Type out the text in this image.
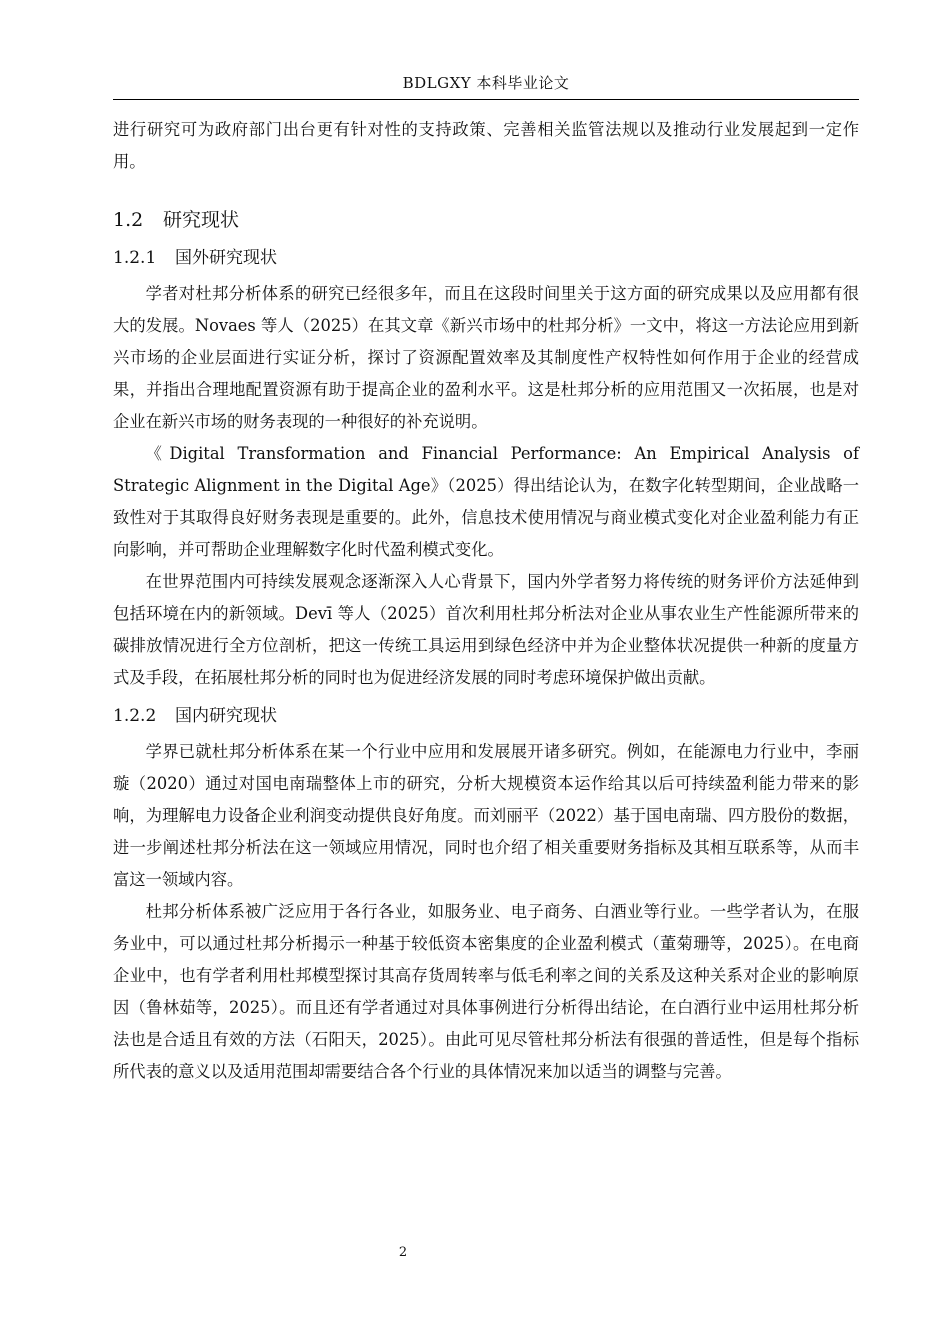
BDLGXY 本科毕业论文

进行研究可为政府部门出台更有针对性的支持政策、完善相关监管法规以及推动行业发展起到一定作用。

1.2 研究现状
1.2.1 国外研究现状

学者对杜邦分析体系的研究已经很多年，而且在这段时间里关于这方面的研究成果以及应用都有很大的发展。Novaes 等人（2025）在其文章《新兴市场中的杜邦分析》一文中，将这一方法论应用到新兴市场的企业层面进行实证分析，探讨了资源配置效率及其制度性产权特性如何作用于企业的经营成果，并指出合理地配置资源有助于提高企业的盈利水平。这是杜邦分析的应用范围又一次拓展，也是对企业在新兴市场的财务表现的一种很好的补充说明。

《Digital Transformation and Financial Performance: An Empirical Analysis of Strategic Alignment in the Digital Age》（2025）得出结论认为，在数字化转型期间，企业战略一致性对于其取得良好财务表现是重要的。此外，信息技术使用情况与商业模式变化对企业盈利能力有正向影响，并可帮助企业理解数字化时代盈利模式变化。

在世界范围内可持续发展观念逐渐深入人心背景下，国内外学者努力将传统的财务评价方法延伸到包括环境在内的新领域。Devī 等人（2025）首次利用杜邦分析法对企业从事农业生产性能源所带来的碳排放情况进行全方位剖析，把这一传统工具运用到绿色经济中并为企业整体状况提供一种新的度量方式及手段，在拓展杜邦分析的同时也为促进经济发展的同时考虑环境保护做出贡献。

1.2.2 国内研究现状

学界已就杜邦分析体系在某一个行业中应用和发展展开诸多研究。例如，在能源电力行业中，李丽璇（2020）通过对国电南瑞整体上市的研究，分析大规模资本运作给其以后可持续盈利能力带来的影响，为理解电力设备企业利润变动提供良好角度。而刘丽平（2022）基于国电南瑞、四方股份的数据，进一步阐述杜邦分析法在这一领域应用情况，同时也介绍了相关重要财务指标及其相互联系等，从而丰富这一领域内容。

杜邦分析体系被广泛应用于各行各业，如服务业、电子商务、白酒业等行业。一些学者认为，在服务业中，可以通过杜邦分析揭示一种基于较低资本密集度的企业盈利模式（董菊珊等，2025）。在电商企业中，也有学者利用杜邦模型探讨其高存货周转率与低毛利率之间的关系及这种关系对企业的影响原因（鲁林茹等，2025）。而且还有学者通过对具体事例进行分析得出结论，在白酒行业中运用杜邦分析法也是合适且有效的方法（石阳天，2025）。由此可见尽管杜邦分析法有很强的普适性，但是每个指标所代表的意义以及适用范围却需要结合各个行业的具体情况来加以适当的调整与完善。

2
